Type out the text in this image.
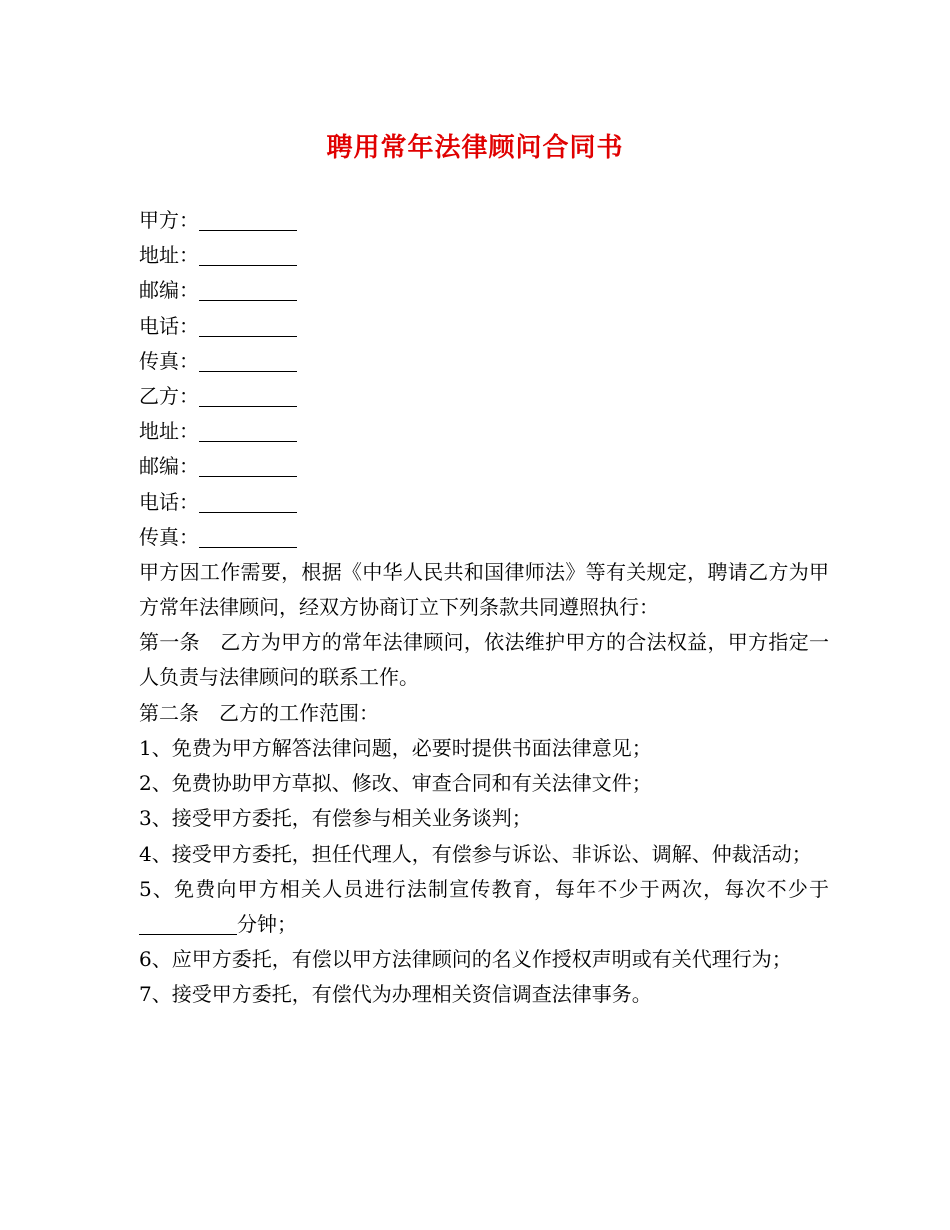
聘用常年法律顾问合同书
甲方：
地址：
邮编：
电话：
传真：
乙方：
地址：
邮编：
电话：
传真：
甲方因工作需要，根据《中华人民共和国律师法》等有关规定，聘请乙方为甲方常年法律顾问，经双方协商订立下列条款共同遵照执行：
第一条　乙方为甲方的常年法律顾问，依法维护甲方的合法权益，甲方指定一人负责与法律顾问的联系工作。
第二条　乙方的工作范围：
1、免费为甲方解答法律问题，必要时提供书面法律意见；
2、免费协助甲方草拟、修改、审查合同和有关法律文件；
3、接受甲方委托，有偿参与相关业务谈判；
4、接受甲方委托，担任代理人，有偿参与诉讼、非诉讼、调解、仲裁活动；
5、免费向甲方相关人员进行法制宣传教育，每年不少于两次，每次不少于分钟；
6、应甲方委托，有偿以甲方法律顾问的名义作授权声明或有关代理行为；
7、接受甲方委托，有偿代为办理相关资信调查法律事务。
